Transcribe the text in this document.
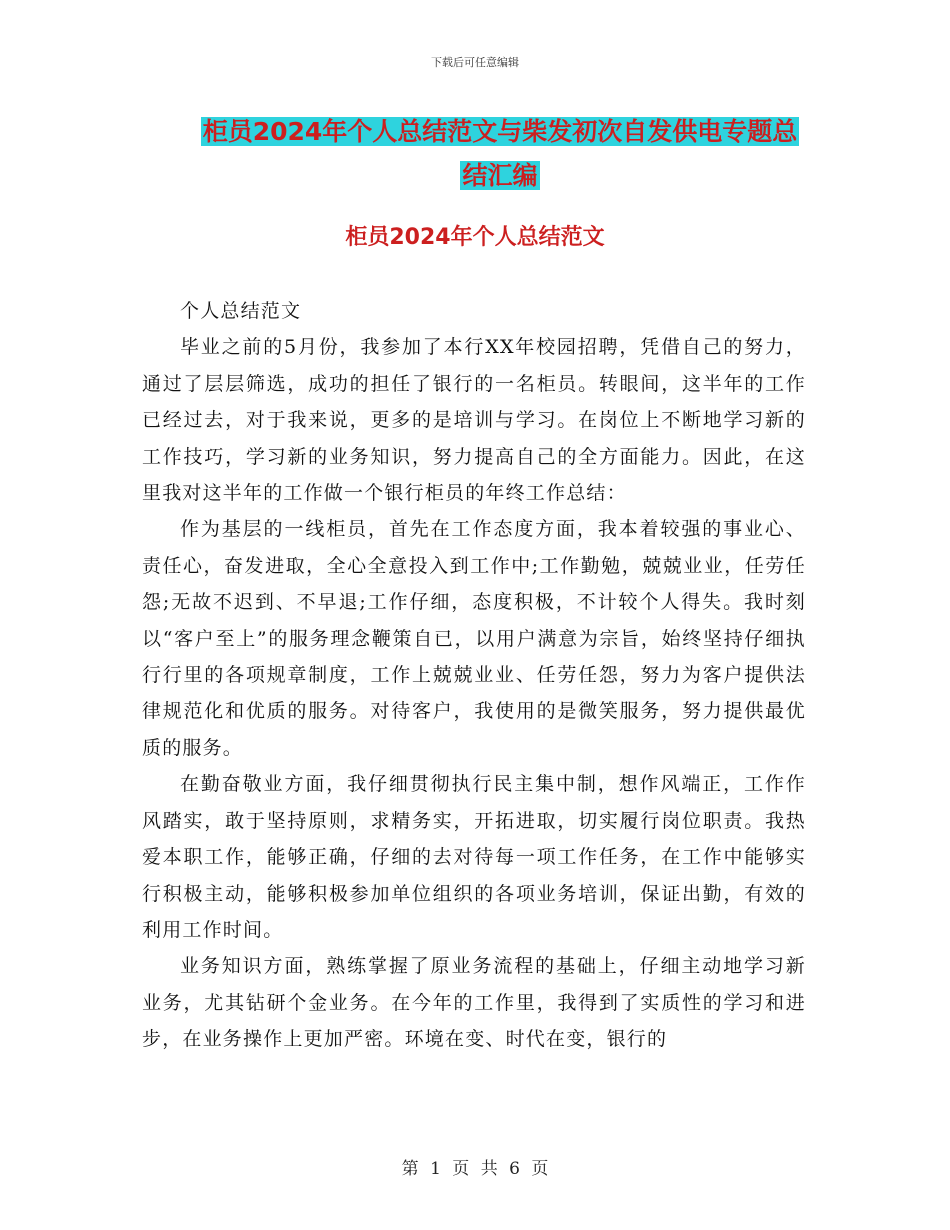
下载后可任意编辑
柜员2024年个人总结范文与柴发初次自发供电专题总
结汇编
柜员2024年个人总结范文

个人总结范文

毕业之前的5月份，我参加了本行XX年校园招聘，凭借自己的努力，通过了层层筛选，成功的担任了银行的一名柜员。转眼间，这半年的工作已经过去，对于我来说，更多的是培训与学习。在岗位上不断地学习新的工作技巧，学习新的业务知识，努力提高自己的全方面能力。因此，在这里我对这半年的工作做一个银行柜员的年终工作总结：

作为基层的一线柜员，首先在工作态度方面，我本着较强的事业心、责任心，奋发进取，全心全意投入到工作中;工作勤勉，兢兢业业，任劳任怨;无故不迟到、不早退;工作仔细，态度积极，不计较个人得失。我时刻以“客户至上”的服务理念鞭策自已，以用户满意为宗旨，始终坚持仔细执行行里的各项规章制度，工作上兢兢业业、任劳任怨，努力为客户提供法律规范化和优质的服务。对待客户，我使用的是微笑服务，努力提供最优质的服务。

在勤奋敬业方面，我仔细贯彻执行民主集中制，想作风端正，工作作风踏实，敢于坚持原则，求精务实，开拓进取，切实履行岗位职责。我热爱本职工作，能够正确，仔细的去对待每一项工作任务，在工作中能够实行积极主动，能够积极参加单位组织的各项业务培训，保证出勤，有效的利用工作时间。

业务知识方面，熟练掌握了原业务流程的基础上，仔细主动地学习新业务，尤其钻研个金业务。在今年的工作里，我得到了实质性的学习和进步，在业务操作上更加严密。环境在变、时代在变，银行的

第 1 页 共 6 页
